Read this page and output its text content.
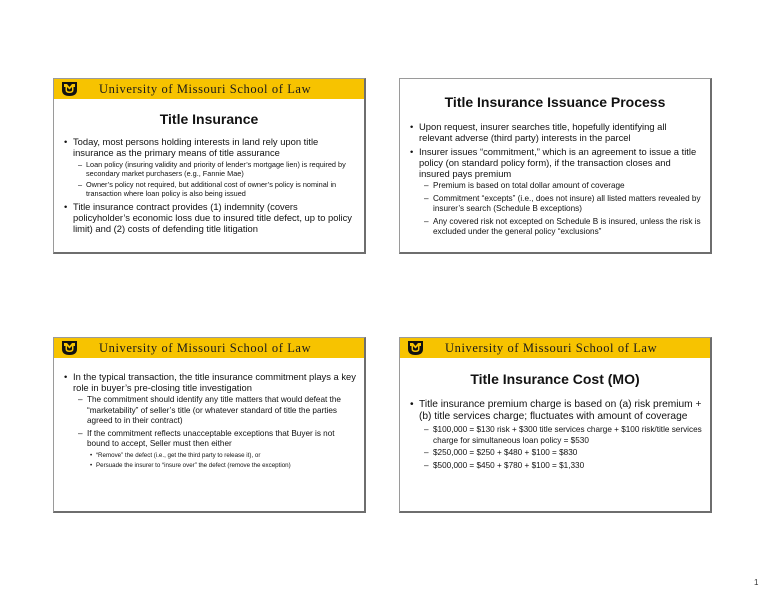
University of Missouri School of Law
Title Insurance
• Today, most persons holding interests in land rely upon title insurance as the primary means of title assurance
– Loan policy (insuring validity and priority of lender’s mortgage lien) is required by secondary market purchasers (e.g., Fannie Mae)
– Owner’s policy not required, but additional cost of owner’s policy is nominal in transaction where loan policy is also being issued
• Title insurance contract provides (1) indemnity (covers policyholder’s economic loss due to insured title defect, up to policy limit) and (2) costs of defending title litigation
Title Insurance Issuance Process
• Upon request, insurer searches title, hopefully identifying all relevant adverse (third party) interests in the parcel
• Insurer issues “commitment,” which is an agreement to issue a title policy (on standard policy form), if the transaction closes and insured pays premium
– Premium is based on total dollar amount of coverage
– Commitment “excepts” (i.e., does not insure) all listed matters revealed by insurer’s search (Schedule B exceptions)
– Any covered risk not excepted on Schedule B is insured, unless the risk is excluded under the general policy “exclusions”
University of Missouri School of Law
• In the typical transaction, the title insurance commitment plays a key role in buyer’s pre-closing title investigation
– The commitment should identify any title matters that would defeat the “marketability” of seller’s title (or whatever standard of title the parties agreed to in their contract)
– If the commitment reflects unacceptable exceptions that Buyer is not bound to accept, Seller must then either
• “Remove” the defect (i.e., get the third party to release it), or
• Persuade the insurer to “insure over” the defect (remove the exception)
University of Missouri School of Law
Title Insurance Cost (MO)
• Title insurance premium charge is based on (a) risk premium + (b) title services charge; fluctuates with amount of coverage
– $100,000 = $130 risk + $300 title services charge + $100 risk/title services charge for simultaneous loan policy = $530
– $250,000 = $250 + $480 + $100 = $830
– $500,000 = $450 + $780 + $100 = $1,330
1
